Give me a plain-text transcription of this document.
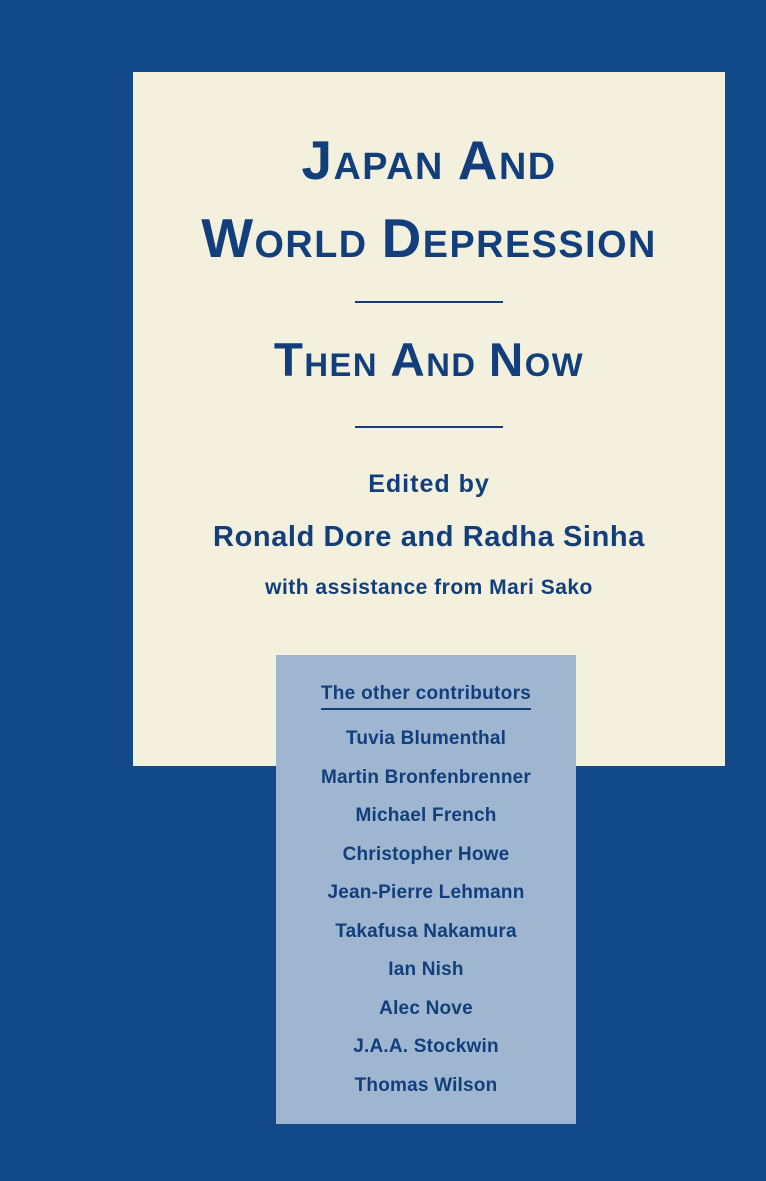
JAPAN AND
WORLD DEPRESSION
THEN AND NOW
Edited by
Ronald Dore and Radha Sinha
with assistance from Mari Sako
The other contributors
Tuvia Blumenthal
Martin Bronfenbrenner
Michael French
Christopher Howe
Jean-Pierre Lehmann
Takafusa Nakamura
Ian Nish
Alec Nove
J.A.A. Stockwin
Thomas Wilson
